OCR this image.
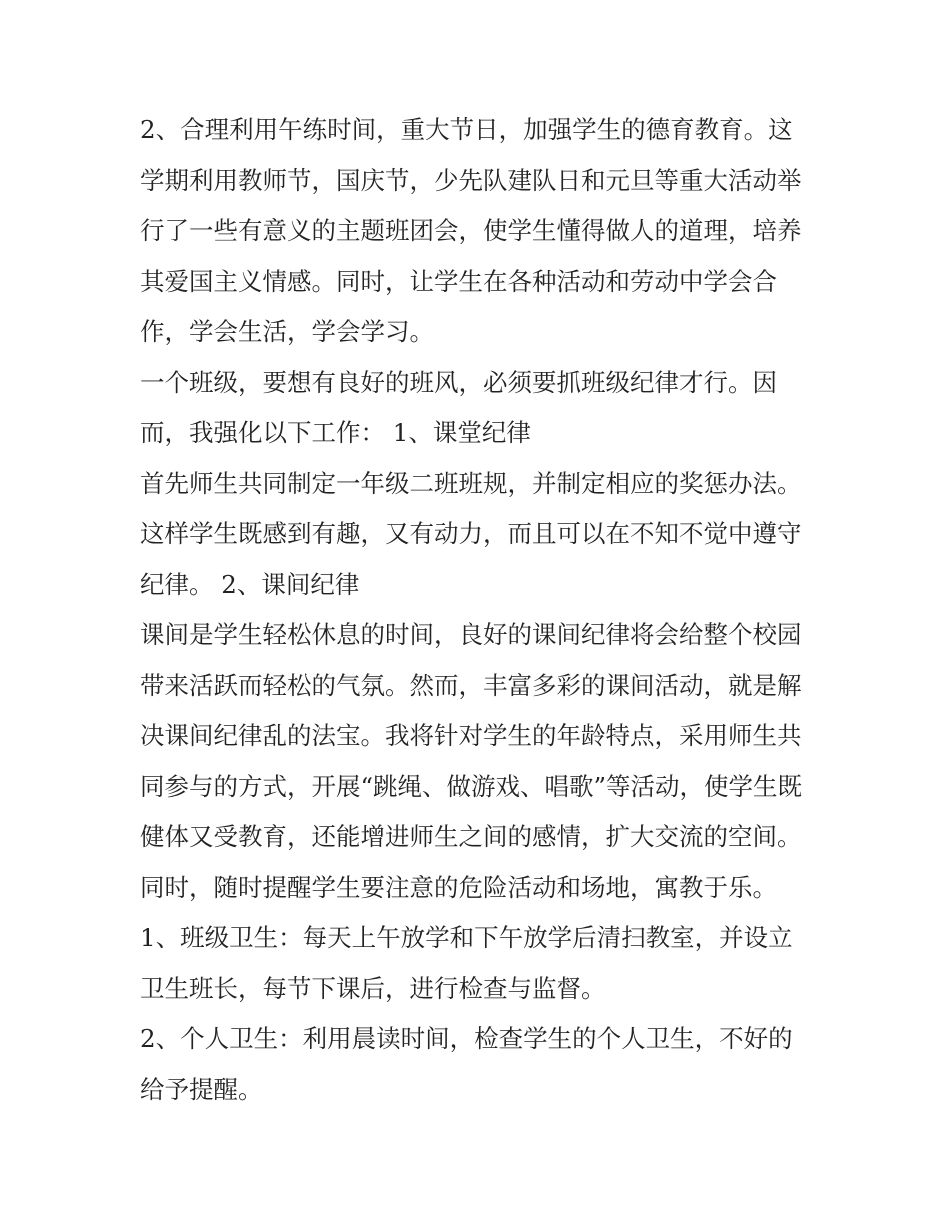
2、合理利用午练时间，重大节日，加强学生的德育教育。这
学期利用教师节，国庆节，少先队建队日和元旦等重大活动举
行了一些有意义的主题班团会，使学生懂得做人的道理，培养
其爱国主义情感。同时，让学生在各种活动和劳动中学会合
作，学会生活，学会学习。
一个班级，要想有良好的班风，必须要抓班级纪律才行。因
而，我强化以下工作： 1、课堂纪律
首先师生共同制定一年级二班班规，并制定相应的奖惩办法。
这样学生既感到有趣，又有动力，而且可以在不知不觉中遵守
纪律。 2、课间纪律
课间是学生轻松休息的时间，良好的课间纪律将会给整个校园
带来活跃而轻松的气氛。然而，丰富多彩的课间活动，就是解
决课间纪律乱的法宝。我将针对学生的年龄特点，采用师生共
同参与的方式，开展“跳绳、做游戏、唱歌”等活动，使学生既
健体又受教育，还能增进师生之间的感情，扩大交流的空间。
同时，随时提醒学生要注意的危险活动和场地，寓教于乐。
1、班级卫生：每天上午放学和下午放学后清扫教室，并设立
卫生班长，每节下课后，进行检查与监督。
2、个人卫生：利用晨读时间，检查学生的个人卫生，不好的
给予提醒。
